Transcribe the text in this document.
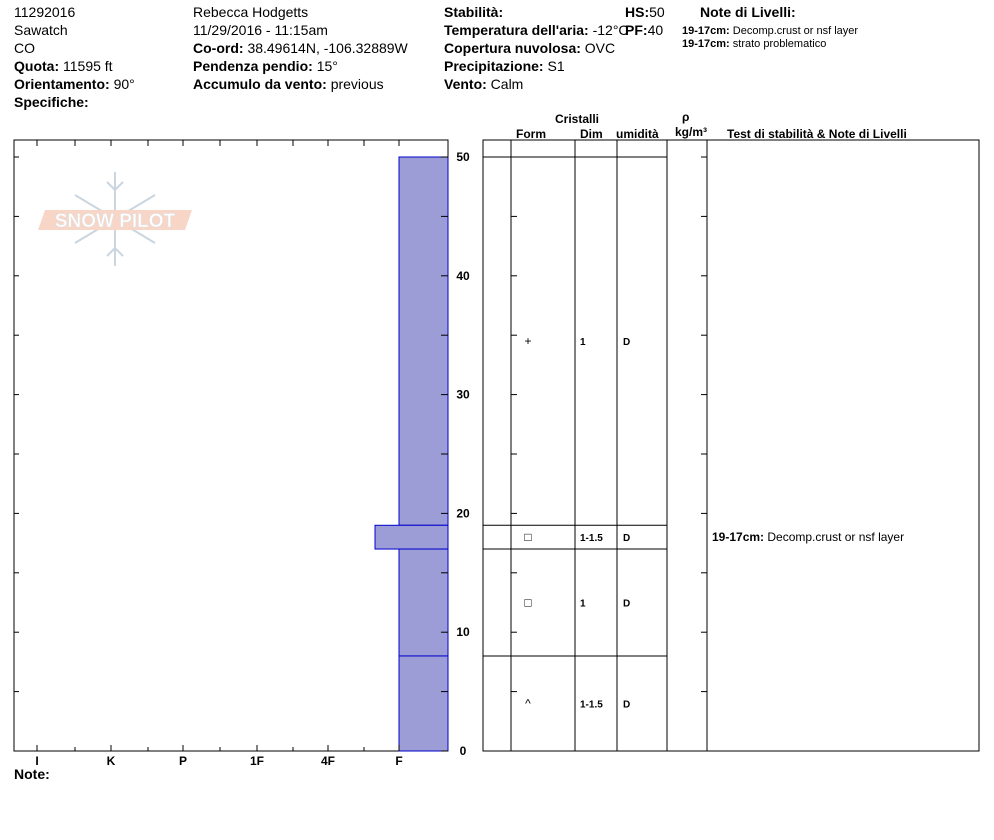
11292016
Sawatch
CO
Quota: 11595 ft
Orientamento: 90°
Specifiche:
Rebecca Hodgetts
11/29/2016 - 11:15am
Co-ord: 38.49614N, -106.32889W
Pendenza pendio: 15°
Accumulo da vento: previous
Stabilità:
Temperatura dell'aria: -12°C
Copertura nuvolosa: OVC
Precipitazione: S1
Vento: Calm
HS:50
PF:40
Note di Livelli:
19-17cm: Decomp.crust or nsf layer
19-17cm: strato problematico
Cristalli
Form	Dim umidità
ρ
kg/m³ Test di stabilità & Note di Livelli
SNOW PILOT
0
10
20
30
40
50
I	K	P	1F	4F	F
+	1	D
□	1-1.5 D
□	1	D
^	1-1.5 D
19-17cm: Decomp.crust or nsf layer
Note:
